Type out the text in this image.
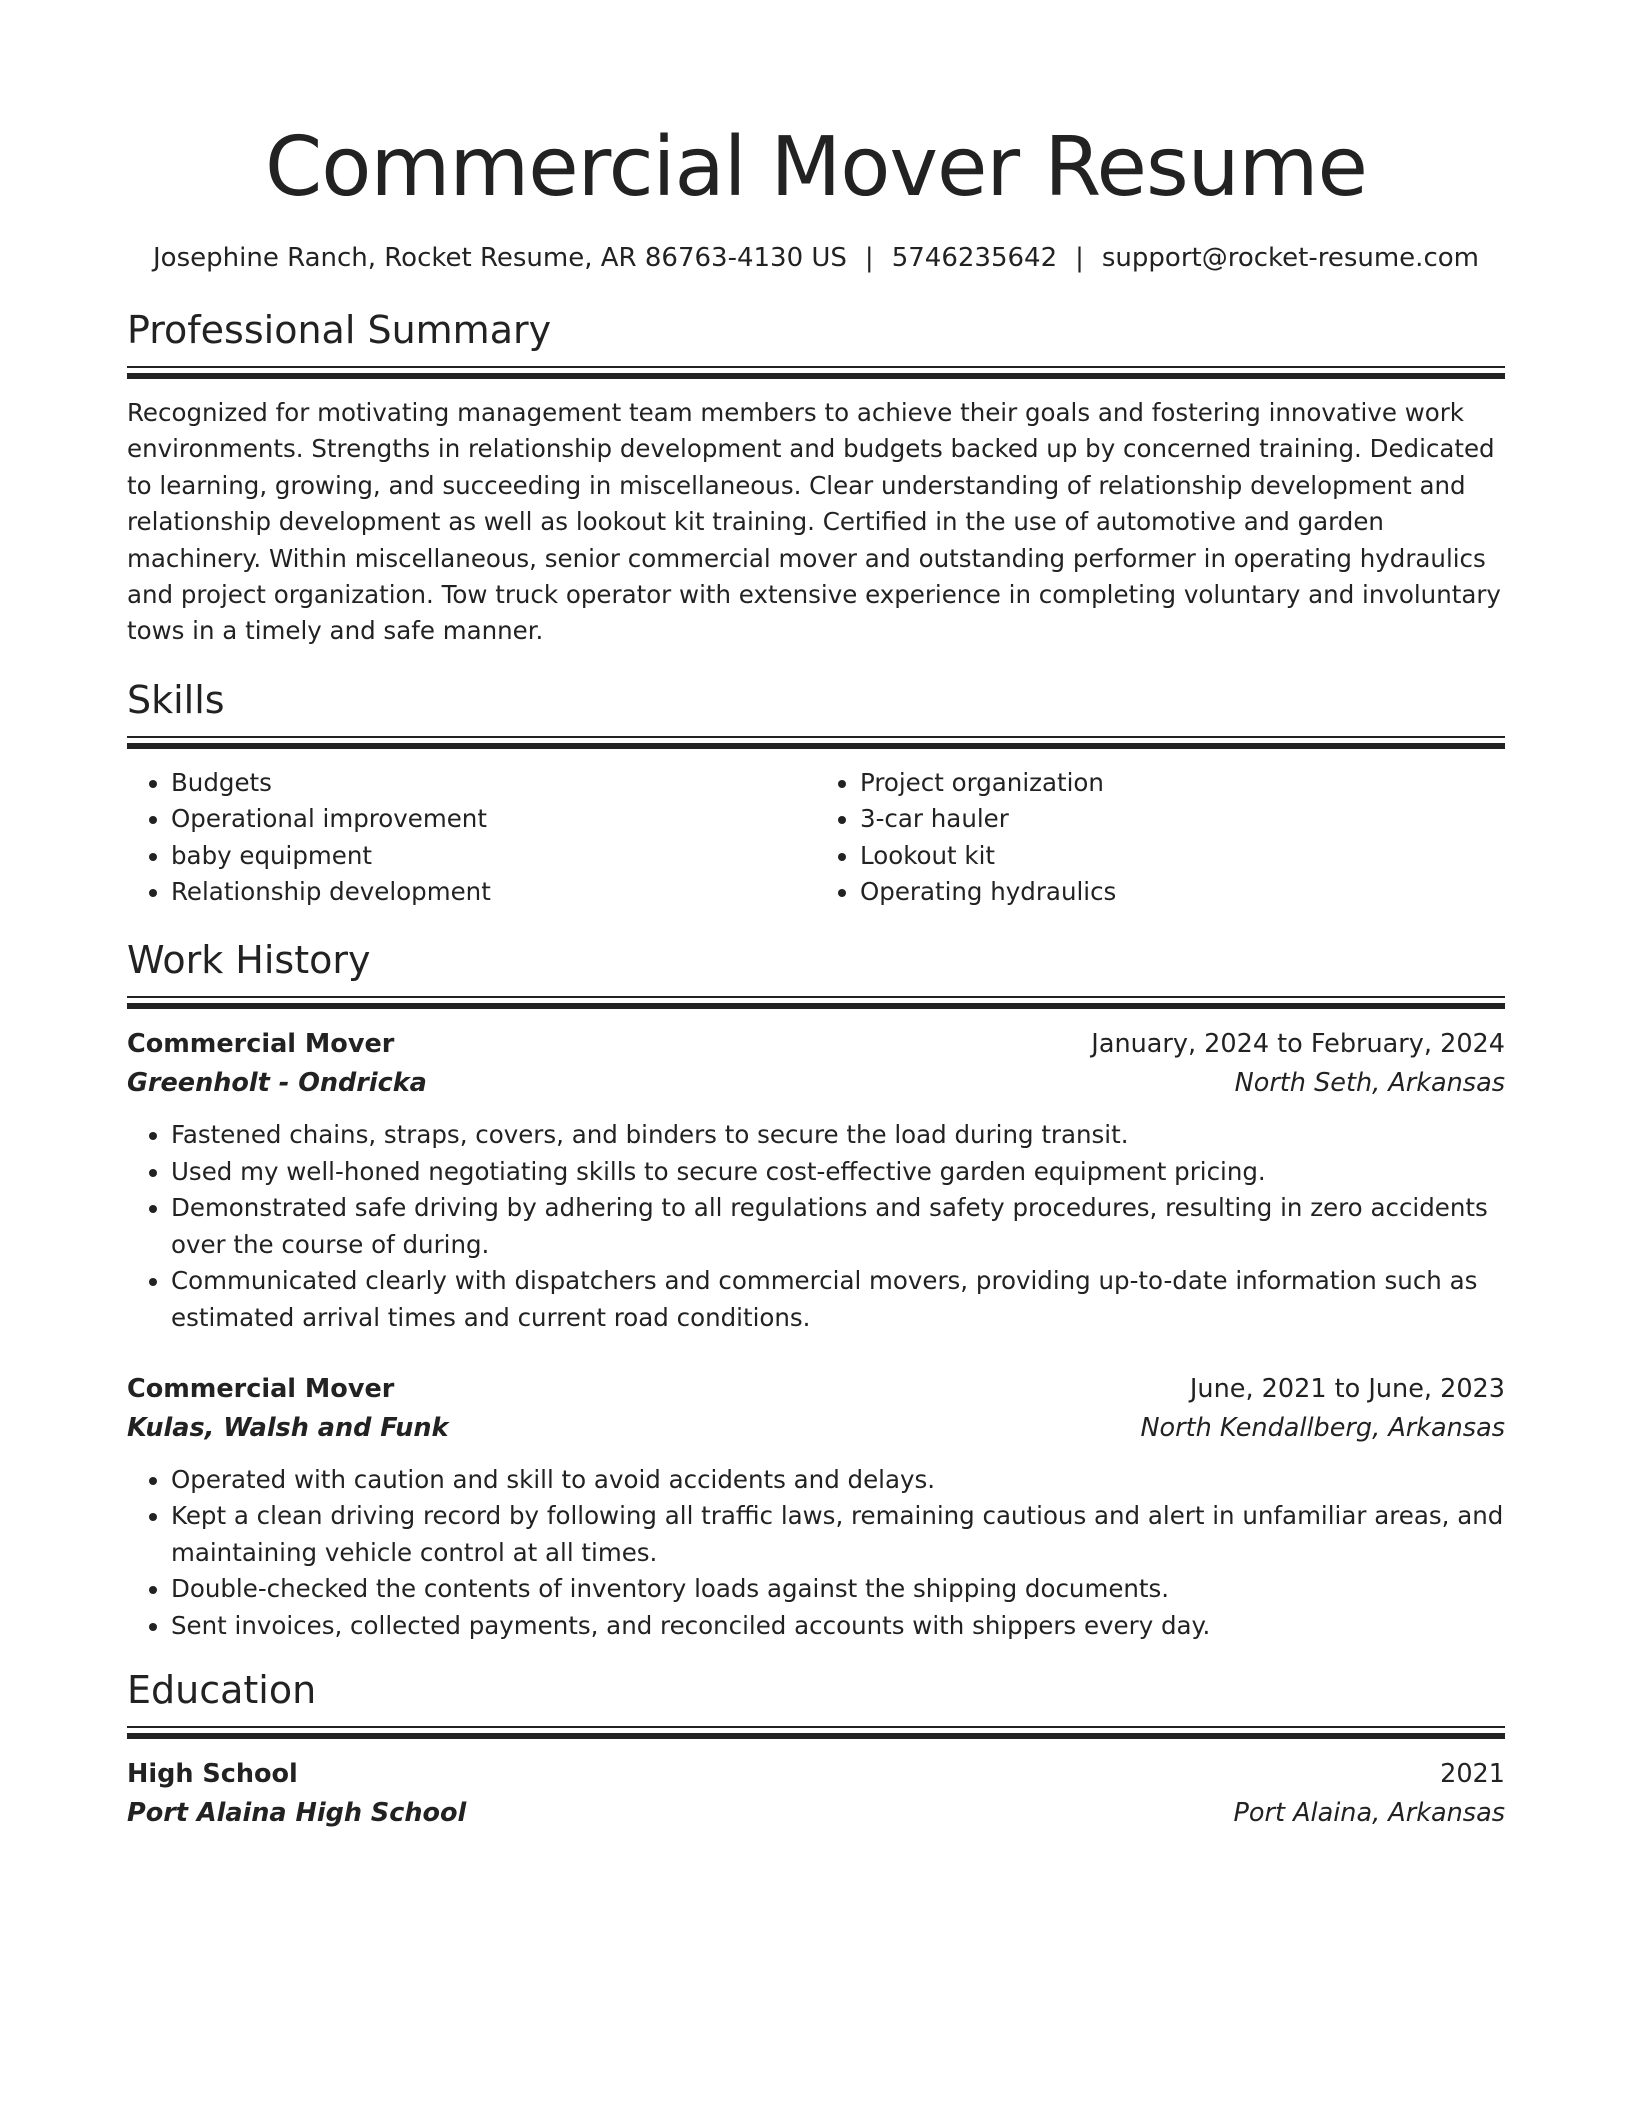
Commercial Mover Resume
Josephine Ranch, Rocket Resume, AR 86763-4130 US | 5746235642 | support@rocket-resume.com
Professional Summary

Recognized for motivating management team members to achieve their goals and fostering innovative work environments. Strengths in relationship development and budgets backed up by concerned training. Dedicated to learning, growing, and succeeding in miscellaneous. Clear understanding of relationship development and relationship development as well as lookout kit training. Certified in the use of automotive and garden machinery. Within miscellaneous, senior commercial mover and outstanding performer in operating hydraulics and project organization. Tow truck operator with extensive experience in completing voluntary and involuntary tows in a timely and safe manner.

Skills
• Budgets
• Operational improvement
• baby equipment
• Relationship development
• Project organization
• 3-car hauler
• Lookout kit
• Operating hydraulics
Work History
Commercial Mover	January, 2024 to February, 2024
Greenholt - Ondricka	North Seth, Arkansas
• Fastened chains, straps, covers, and binders to secure the load during transit.
• Used my well-honed negotiating skills to secure cost-effective garden equipment pricing.
• Demonstrated safe driving by adhering to all regulations and safety procedures, resulting in zero accidents over the course of during.
• Communicated clearly with dispatchers and commercial movers, providing up-to-date information such as estimated arrival times and current road conditions.
Commercial Mover	June, 2021 to June, 2023
Kulas, Walsh and Funk	North Kendallberg, Arkansas
• Operated with caution and skill to avoid accidents and delays.
• Kept a clean driving record by following all traffic laws, remaining cautious and alert in unfamiliar areas, and maintaining vehicle control at all times.
• Double-checked the contents of inventory loads against the shipping documents.
• Sent invoices, collected payments, and reconciled accounts with shippers every day.
Education
High School	2021
Port Alaina High School	Port Alaina, Arkansas
